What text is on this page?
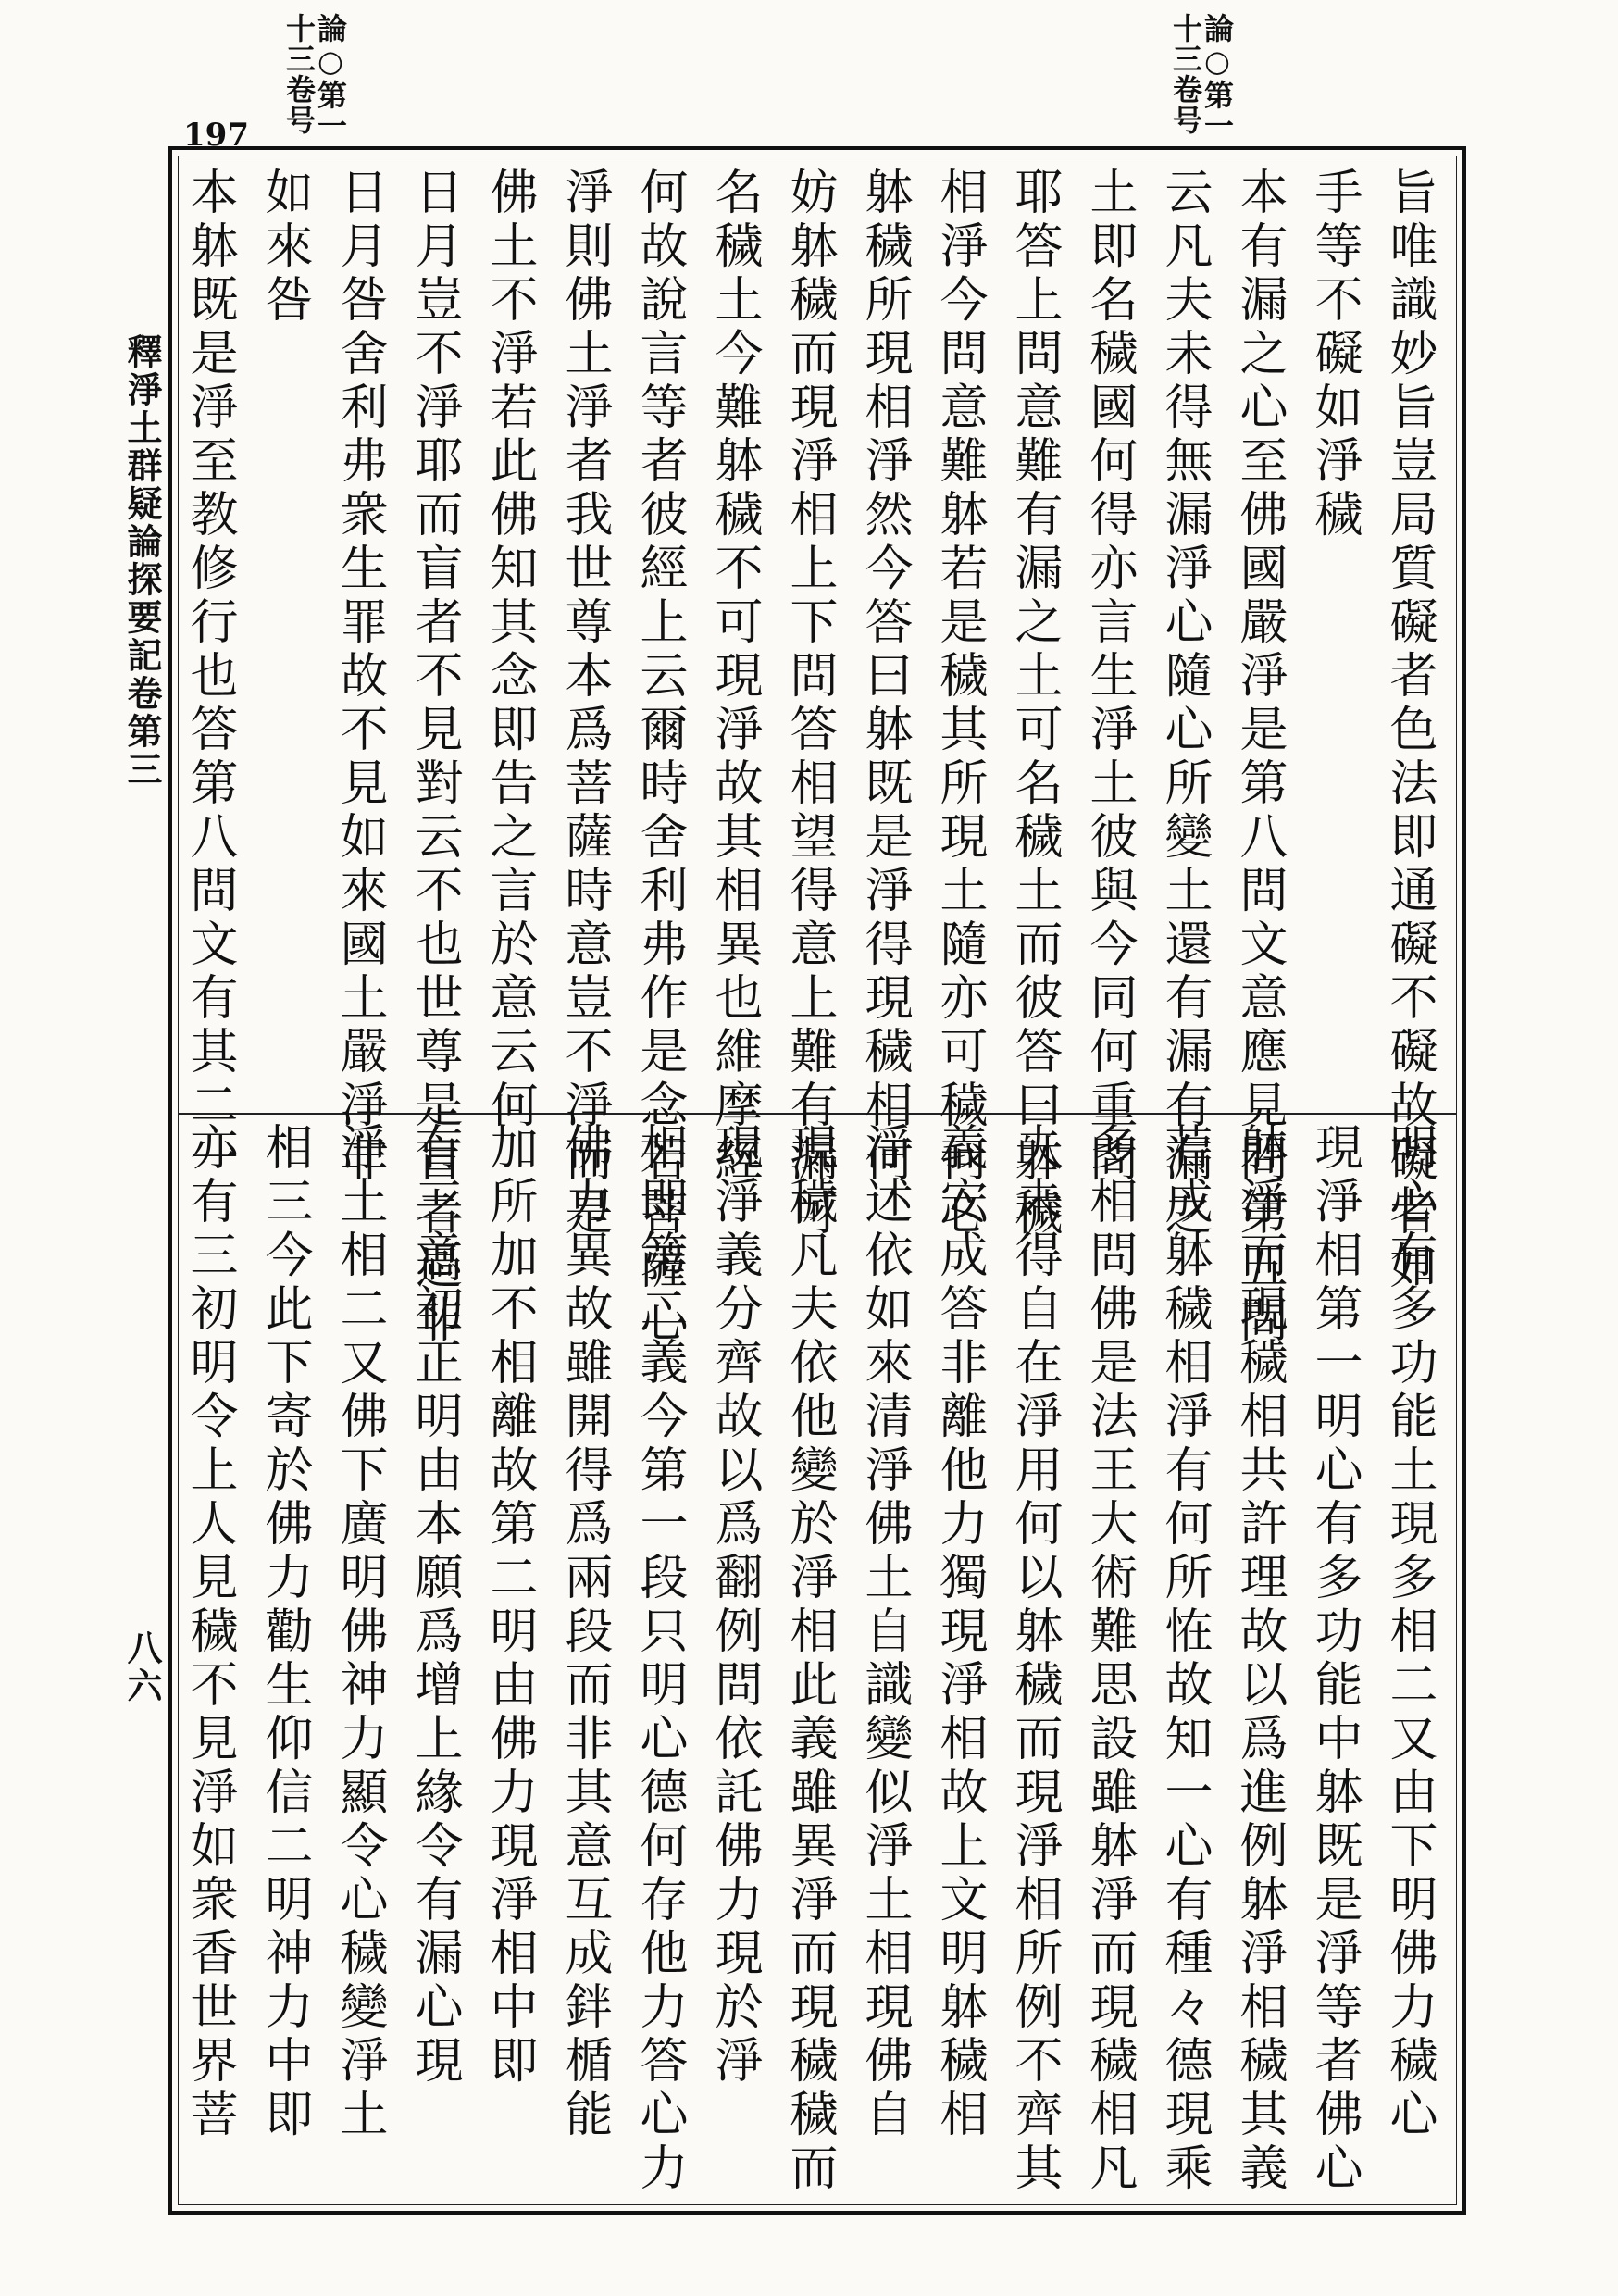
197
論○第一十三卷号
論○第一十三卷号
旨唯識妙旨豈局質礙者色法即通礙不礙故礙者如
手等不礙如淨穢
本有漏之心至佛國嚴淨是第八問文意應見問第五問
云凡夫未得無漏淨心隨心所變土還有漏有漏之
土即名穢國何得亦言生淨土彼與今同何重問
耶答上問意難有漏之土可名穢土而彼答曰躰穢
相淨今問意難躰若是穢其所現土隨亦可穢何心
躰穢所現相淨然今答曰躰既是淨得現穢相何
妨躰穢而現淨相上下問答相望得意上難有漏可
名穢土今難躰穢不可現淨故其相異也維摩經
何故說言等者彼經上云爾時舍利弗作是念若菩薩心
淨則佛土淨者我世尊本爲菩薩時意豈不淨而是
佛土不淨若此佛知其念即告之言於意云何
日月豈不淨耶而盲者不見對云不也世尊是盲者過非
日月咎舍利弗衆生罪故不見如來國土嚴淨非
如來咎
本躰既是淨至教修行也答第八問文有其二一
明心有多功能土現多相二又由下明佛力穢心
現淨相第一明心有多功能中躰既是淨等者佛心
躰淨而現穢相共許理故以爲進例躰淨相穢其義
若成躰穢相淨有何所恠故知一心有種々德現乘
多相問佛是法王大術難思設雖躰淨而現穢相凡
夫未得自在淨用何以躰穢而現淨相所例不齊其
義安成答非離他力獨現淨相故上文明躰穢相
淨述依如來清淨佛土自識變似淨土相現佛自
現穢凡夫依他變於淨相此義雖異淨而現穢穢而
現淨義分齊故以爲翻例問依託佛力現於淨
相即第二義今第一段只明心德何存他力答心力
佛力異故雖開得爲兩段而非其意互成鉡楯能
加所加不相離故第二明由佛力現淨相中即
有三意初正明由本願爲增上緣令有漏心現
淨土相二又佛下廣明佛神力顯令心穢變淨土
相三今此下寄於佛力勸生仰信二明神力中即
亦有三初明令上人見穢不見淨如衆香世界菩
釋淨土群疑論探要記卷第三
八六
